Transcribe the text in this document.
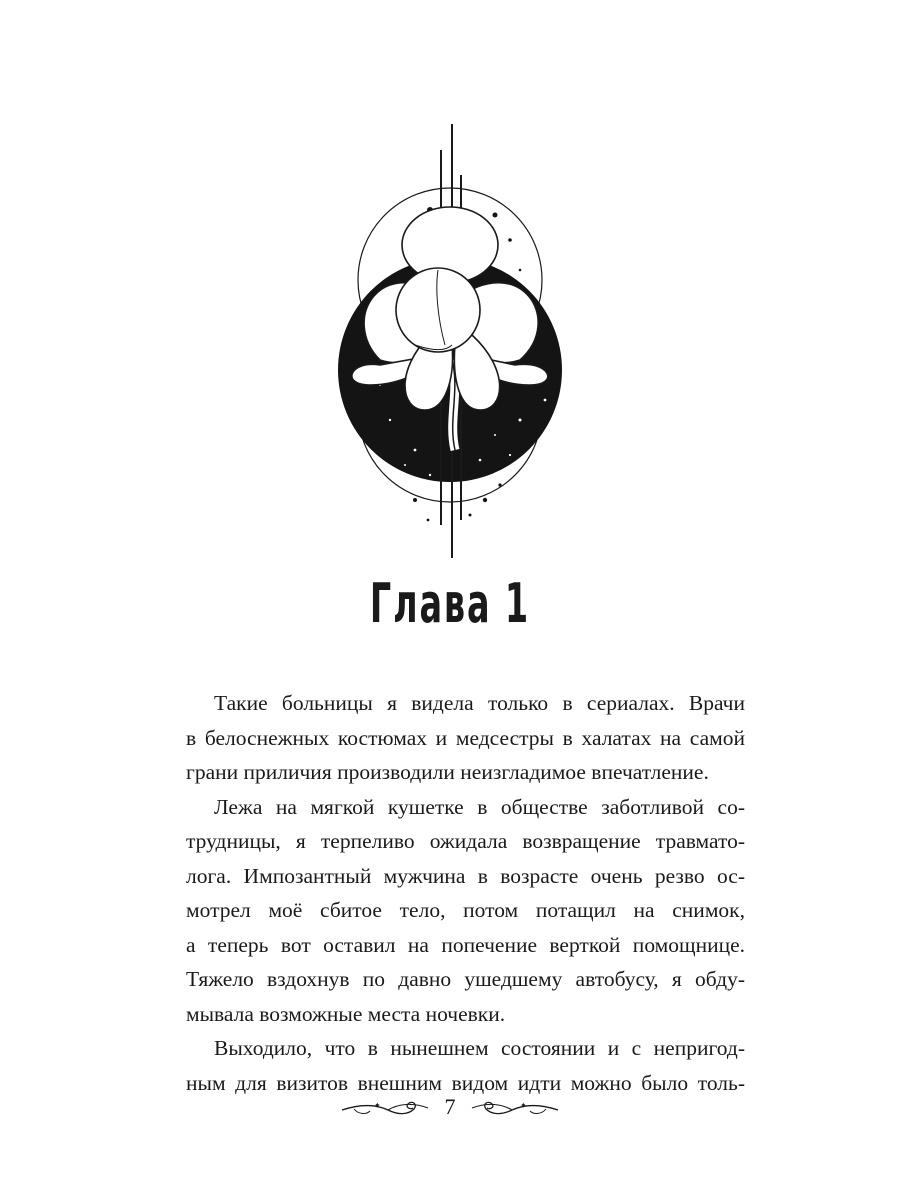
Глава 1

Такие больницы я видела только в сериалах. Врачи
в белоснежных костюмах и медсестры в халатах на самой
грани приличия производили неизгладимое впечатление.

Лежа на мягкой кушетке в обществе заботливой со-
трудницы, я терпеливо ожидала возвращение травмато-
лога. Импозантный мужчина в возрасте очень резво ос-
мотрел моё сбитое тело, потом потащил на снимок,
а теперь вот оставил на попечение верткой помощнице.
Тяжело вздохнув по давно ушедшему автобусу, я обду-
мывала возможные места ночевки.

Выходило, что в нынешнем состоянии и с непригод-
ным для визитов внешним видом идти можно было толь-

✦	7	✦
